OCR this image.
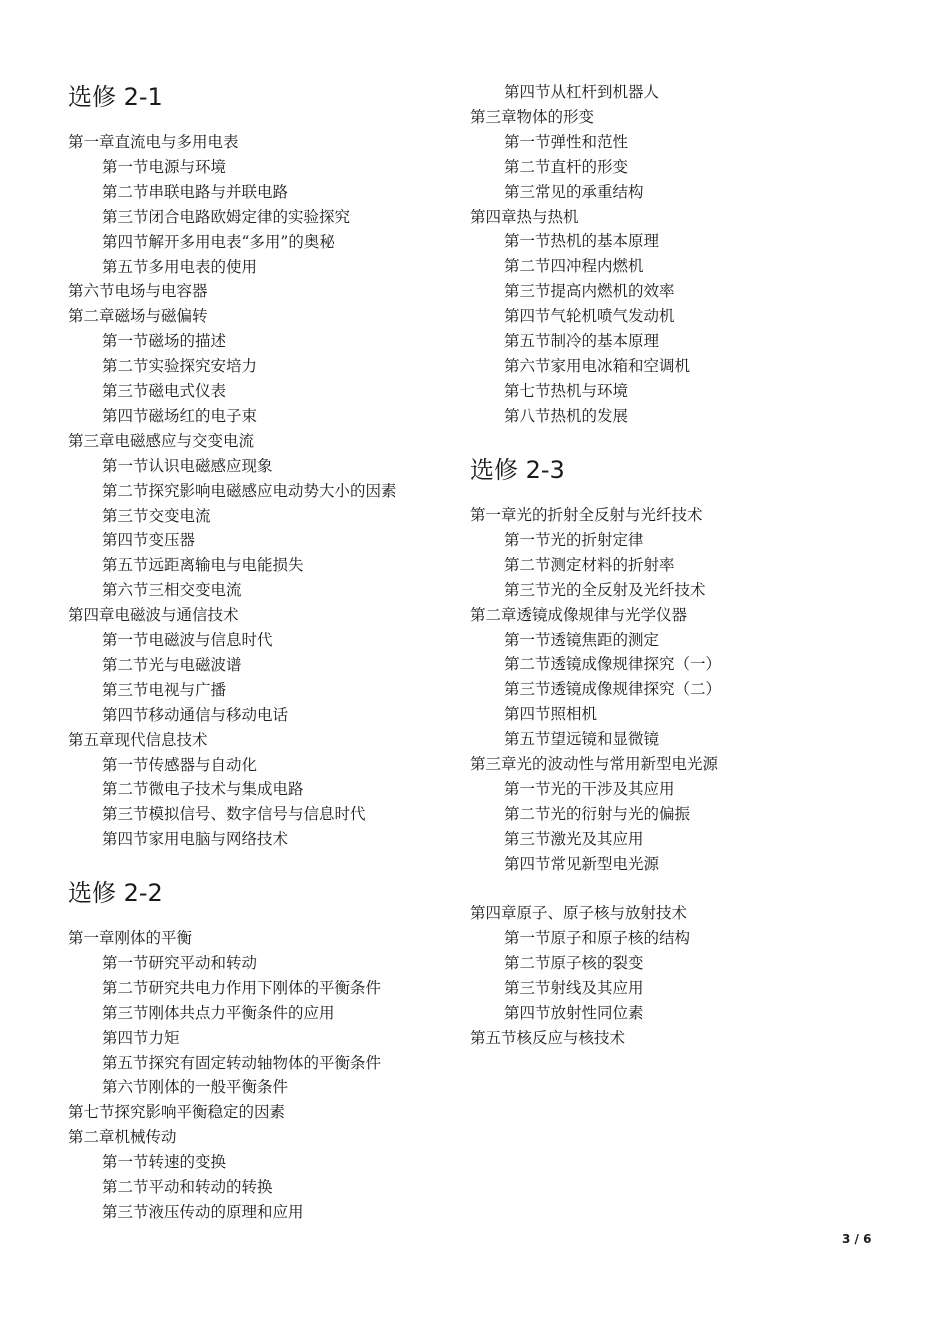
选修 2-1
第一章直流电与多用电表
第一节电源与环境
第二节串联电路与并联电路
第三节闭合电路欧姆定律的实验探究
第四节解开多用电表“多用”的奥秘
第五节多用电表的使用
第六节电场与电容器
第二章磁场与磁偏转
第一节磁场的描述
第二节实验探究安培力
第三节磁电式仪表
第四节磁场红的电子束
第三章电磁感应与交变电流
第一节认识电磁感应现象
第二节探究影响电磁感应电动势大小的因素
第三节交变电流
第四节变压器
第五节远距离输电与电能损失
第六节三相交变电流
第四章电磁波与通信技术
第一节电磁波与信息时代
第二节光与电磁波谱
第三节电视与广播
第四节移动通信与移动电话
第五章现代信息技术
第一节传感器与自动化
第二节微电子技术与集成电路
第三节模拟信号、数字信号与信息时代
第四节家用电脑与网络技术
选修 2-2
第一章刚体的平衡
第一节研究平动和转动
第二节研究共电力作用下刚体的平衡条件
第三节刚体共点力平衡条件的应用
第四节力矩
第五节探究有固定转动轴物体的平衡条件
第六节刚体的一般平衡条件
第七节探究影响平衡稳定的因素
第二章机械传动
第一节转速的变换
第二节平动和转动的转换
第三节液压传动的原理和应用
第四节从杠杆到机器人
第三章物体的形变
第一节弹性和范性
第二节直杆的形变
第三常见的承重结构
第四章热与热机
第一节热机的基本原理
第二节四冲程内燃机
第三节提高内燃机的效率
第四节气轮机喷气发动机
第五节制冷的基本原理
第六节家用电冰箱和空调机
第七节热机与环境
第八节热机的发展
选修 2-3
第一章光的折射全反射与光纤技术
第一节光的折射定律
第二节测定材料的折射率
第三节光的全反射及光纤技术
第二章透镜成像规律与光学仪器
第一节透镜焦距的测定
第二节透镜成像规律探究（一）
第三节透镜成像规律探究（二）
第四节照相机
第五节望远镜和显微镜
第三章光的波动性与常用新型电光源
第一节光的干涉及其应用
第二节光的衍射与光的偏振
第三节激光及其应用
第四节常见新型电光源
第四章原子、原子核与放射技术
第一节原子和原子核的结构
第二节原子核的裂变
第三节射线及其应用
第四节放射性同位素
第五节核反应与核技术
3 / 6
